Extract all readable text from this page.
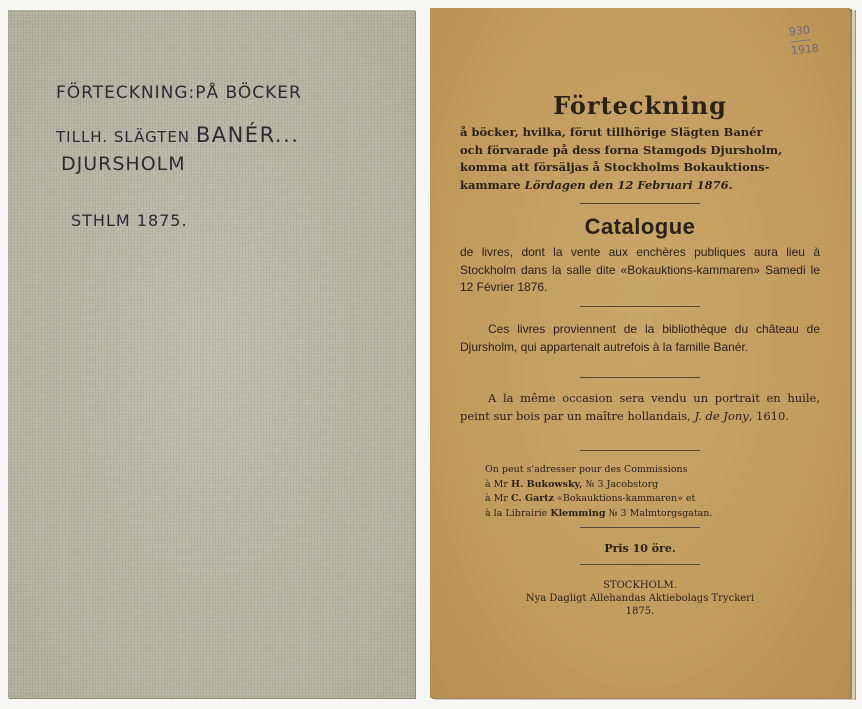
FÖRTECKNING:PÅ BÖCKER
TILLH. SLÄGTEN BANÉR...
DJURSHOLM
STHLM 1875.
930
1918
Förteckning
å böcker, hvilka, förut tillhörige Slägten Banér
och förvarade på dess forna Stamgods Djursholm,
komma att försäljas å Stockholms Bokauktions-
kammare Lördagen den 12 Februari 1876.
Catalogue
de livres, dont la vente aux enchères publiques aura lieu à Stockholm dans la salle dite «Bokauktions-kammaren» Samedi le 12 Février 1876.
Ces livres proviennent de la bibliothèque du château de Djursholm, qui appartenait autrefois à la famille Banér.
A la même occasion sera vendu un portrait en huile, peint sur bois par un maître hollandais, J. de Jony, 1610.
On peut s'adresser pour des Commissions
à Mr H. Bukowsky, № 3 Jacobstorg
à Mr C. Gartz «Bokauktions-kammaren» et
à la Librairie Klemming № 3 Malmtorgsgatan.
Pris 10 öre.
STOCKHOLM.
Nya Dagligt Allehandas Aktiebolags Tryckeri
1875.
